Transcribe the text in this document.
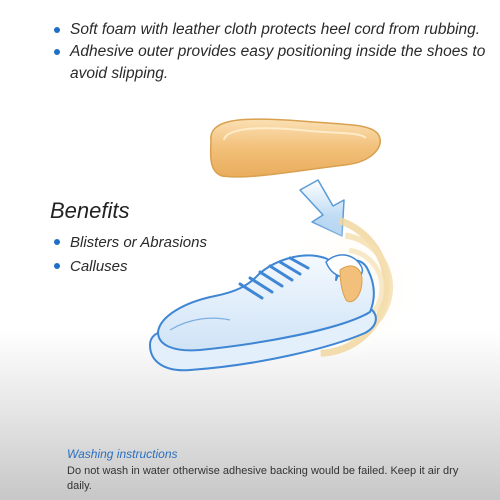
Soft foam with leather cloth protects heel cord from rubbing.
Adhesive outer provides easy positioning inside the shoes to avoid slipping.
Benefits
Blisters or Abrasions
Calluses
Washing instructions

Do not wash in water otherwise adhesive backing would be failed. Keep it air dry daily.
